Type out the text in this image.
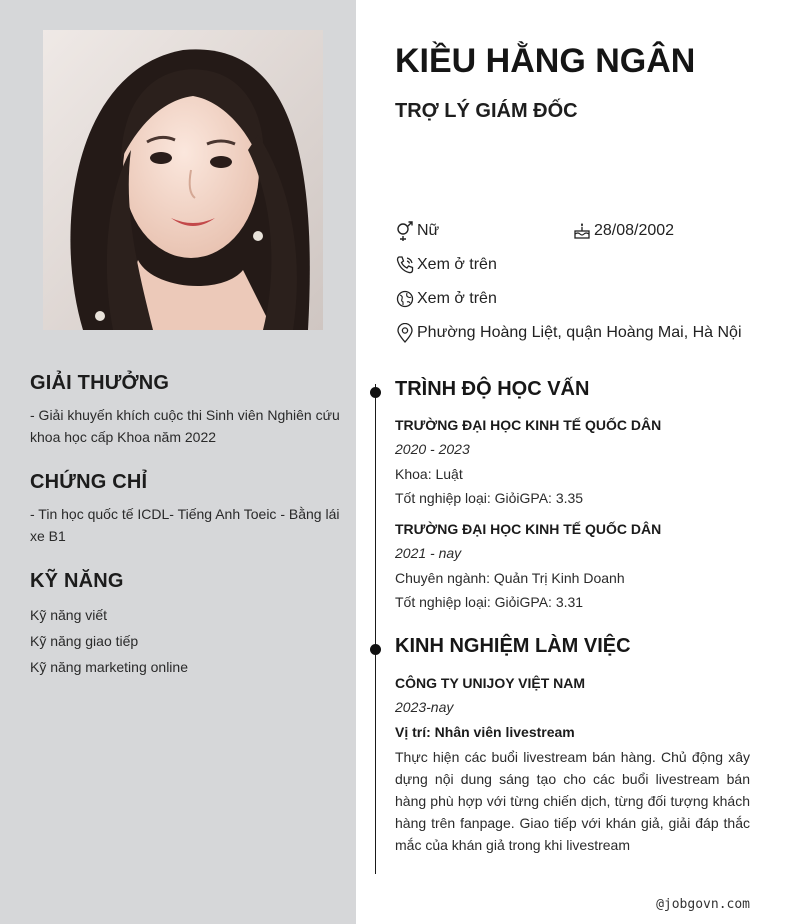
GIẢI THƯỞNG
- Giải khuyến khích cuộc thi Sinh viên Nghiên cứu khoa học cấp Khoa năm 2022
CHỨNG CHỈ
- Tin học quốc tế ICDL- Tiếng Anh Toeic - Bằng lái xe B1
KỸ NĂNG
Kỹ năng viết
Kỹ năng giao tiếp
Kỹ năng marketing online
KIỀU HẰNG NGÂN
TRỢ LÝ GIÁM ĐỐC
Nữ	28/08/2002
Xem ở trên
Xem ở trên
Phường Hoàng Liệt, quận Hoàng Mai, Hà Nội
TRÌNH ĐỘ HỌC VẤN
TRƯỜNG ĐẠI HỌC KINH TẾ QUỐC DÂN
2020 - 2023
Khoa: Luật
Tốt nghiệp loại: GiỏiGPA: 3.35
TRƯỜNG ĐẠI HỌC KINH TẾ QUỐC DÂN
2021 - nay
Chuyên ngành: Quản Trị Kinh Doanh
Tốt nghiệp loại: GiỏiGPA: 3.31
KINH NGHIỆM LÀM VIỆC
CÔNG TY UNIJOY VIỆT NAM
2023-nay
Vị trí: Nhân viên livestream
Thực hiện các buổi livestream bán hàng. Chủ động xây dựng nội dung sáng tạo cho các buổi livestream bán hàng phù hợp với từng chiến dịch, từng đối tượng khách hàng trên fanpage. Giao tiếp với khán giả, giải đáp thắc mắc của khán giả trong khi livestream
@jobgovn.com
